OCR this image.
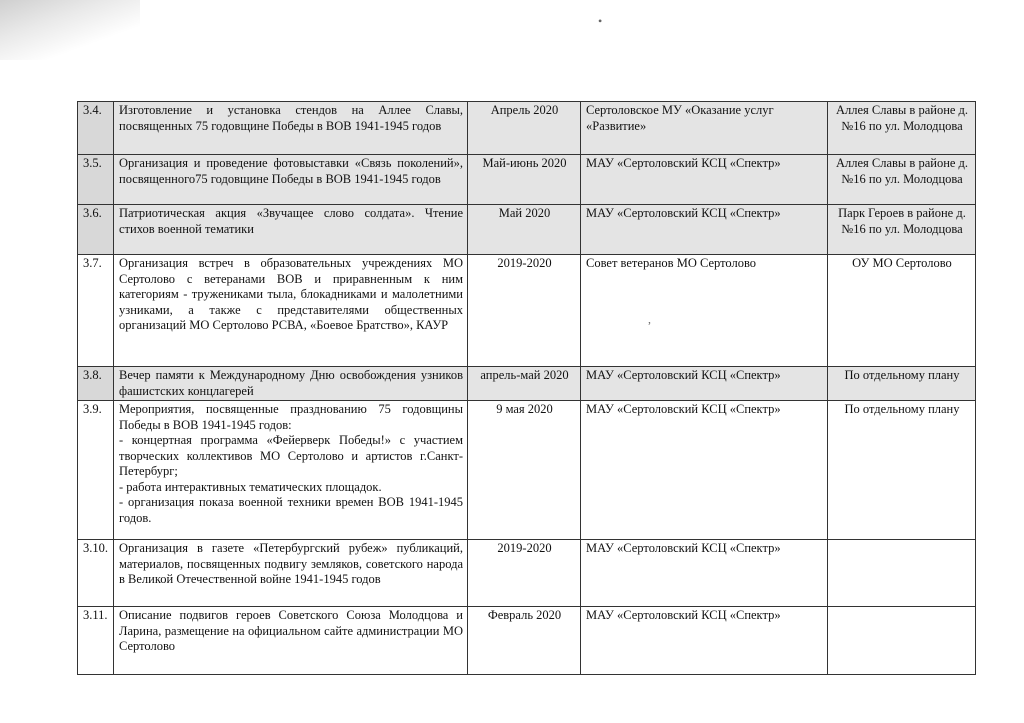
•
,
3.4.	Изготовление и установка стендов на Аллее Славы, посвященных 75 годовщине Победы в ВОВ 1941-1945 годов	Апрель 2020	Сертоловское МУ «Оказание услуг «Развитие»	Аллея Славы в районе д. №16 по ул. Молодцова
3.5.	Организация и проведение фотовыставки «Связь поколений», посвященного75 годовщине Победы в ВОВ 1941-1945 годов	Май-июнь 2020	МАУ «Сертоловский КСЦ «Спектр»	Аллея Славы в районе д. №16 по ул. Молодцова
3.6.	Патриотическая акция «Звучащее слово солдата». Чтение стихов военной тематики	Май 2020	МАУ «Сертоловский КСЦ «Спектр»	Парк Героев в районе д. №16 по ул. Молодцова
3.7.	Организация встреч в образовательных учреждениях МО Сертолово с ветеранами ВОВ и приравненным к ним категориям - тружениками тыла, блокадниками и малолетними узниками, а также с представителями общественных организаций МО Сертолово РСВА, «Боевое Братство», КАУР	2019-2020	Совет ветеранов МО Сертолово	ОУ МО Сертолово
3.8.	Вечер памяти к Международному Дню освобождения узников фашистских концлагерей	апрель-май 2020	МАУ «Сертоловский КСЦ «Спектр»	По отдельному плану
3.9.	Мероприятия, посвященные празднованию 75 годовщины Победы в ВОВ 1941-1945 годов:
- концертная программа «Фейерверк Победы!» с участием творческих коллективов МО Сертолово и артистов г.Санкт-Петербург;
- работа интерактивных тематических площадок.
- организация показа военной техники времен ВОВ 1941-1945 годов.	9 мая 2020	МАУ «Сертоловский КСЦ «Спектр»	По отдельному плану
3.10.	Организация в газете «Петербургский рубеж» публикаций, материалов, посвященных подвигу земляков, советского народа в Великой Отечественной войне 1941-1945 годов	2019-2020	МАУ «Сертоловский КСЦ «Спектр»	
3.11.	Описание подвигов героев Советского Союза Молодцова и Ларина, размещение на официальном сайте администрации МО Сертолово	Февраль 2020	МАУ «Сертоловский КСЦ «Спектр»	
